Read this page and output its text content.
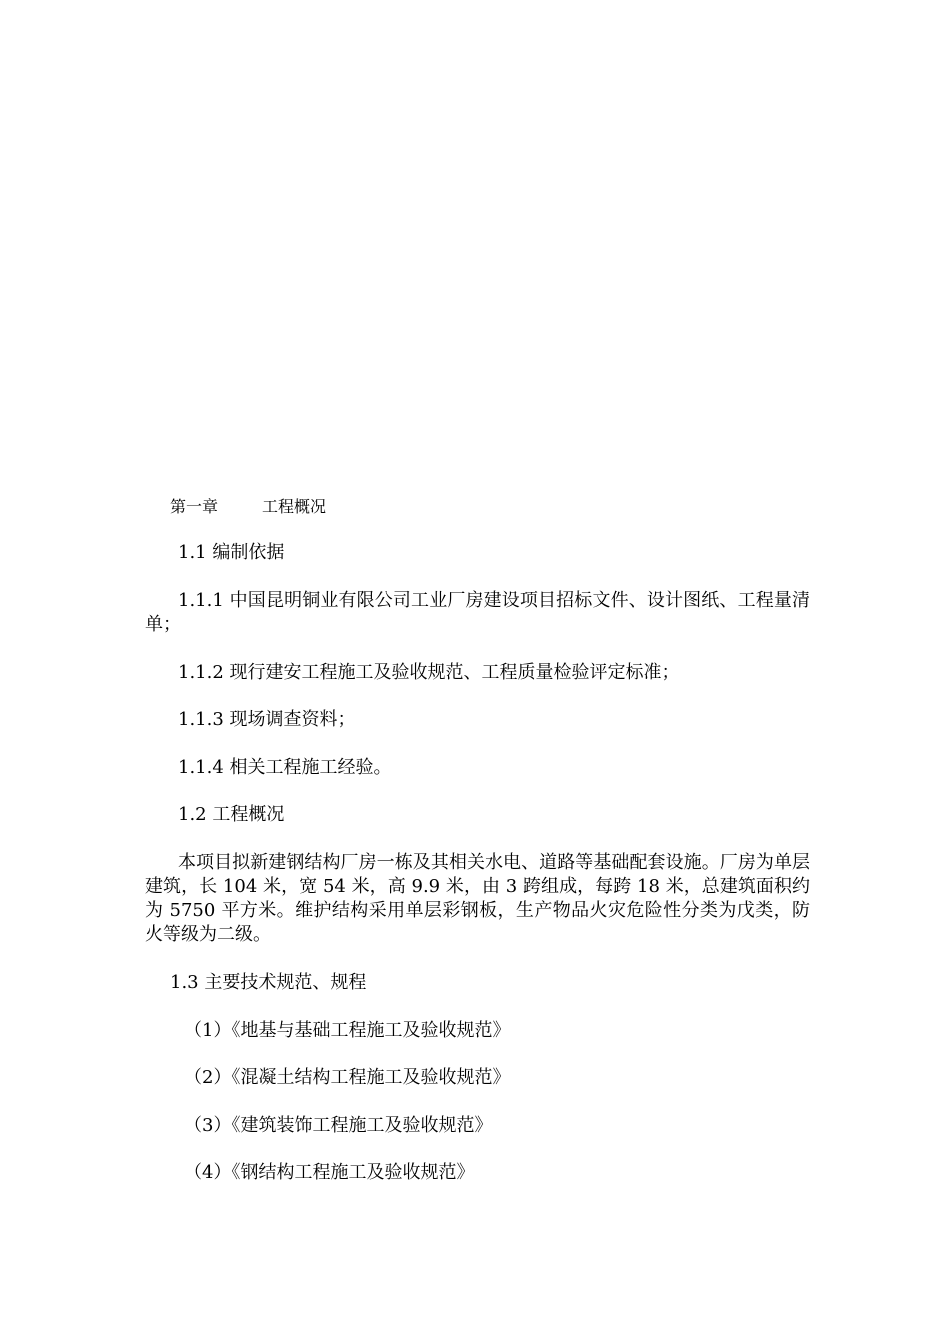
第一章	工程概况
1.1 编制依据
1.1.1 中国昆明铜业有限公司工业厂房建设项目招标文件、设计图纸、工程量清单；
1.1.2 现行建安工程施工及验收规范、工程质量检验评定标准；
1.1.3 现场调查资料；
1.1.4 相关工程施工经验。
1.2 工程概况
本项目拟新建钢结构厂房一栋及其相关水电、道路等基础配套设施。厂房为单层建筑，长 104 米，宽 54 米，高 9.9 米，由 3 跨组成，每跨 18 米，总建筑面积约为 5750 平方米。维护结构采用单层彩钢板，生产物品火灾危险性分类为戊类，防火等级为二级。
1.3 主要技术规范、规程
（1）《地基与基础工程施工及验收规范》
（2）《混凝土结构工程施工及验收规范》
（3）《建筑装饰工程施工及验收规范》
（4）《钢结构工程施工及验收规范》
